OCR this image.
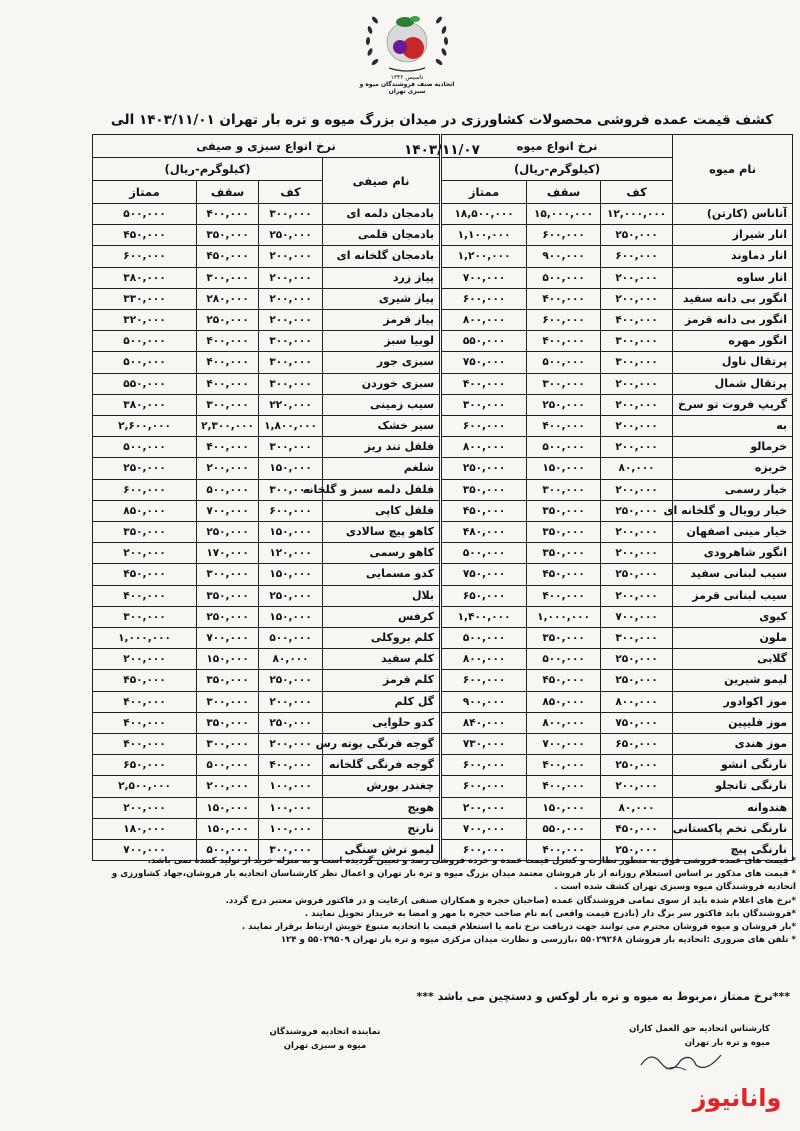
تاسیس ۱۳۴۲
اتحادیه صنف فروشندگان میوه و سبزی تهران
کشف قیمت عمده فروشی محصولات کشاورزی در میدان بزرگ میوه و تره بار تهران ۱۴۰۳/۱۱/۰۱ الی ۱۴۰۳/۱۱/۰۷
نام میوه	نرخ انواع میوه			نرخ انواع سبزی و صیفی			
	(کیلوگرم-ریال)			نام صیفی	(کیلوگرم-ریال)		
	کف	سقف	ممتاز		کف	سقف	ممتاز
آناناس (کارتن)	۱۲,۰۰۰,۰۰۰	۱۵,۰۰۰,۰۰۰	۱۸,۵۰۰,۰۰۰	بادمجان دلمه ای	۳۰۰,۰۰۰	۴۰۰,۰۰۰	۵۰۰,۰۰۰
انار شیراز	۲۵۰,۰۰۰	۶۰۰,۰۰۰	۱,۱۰۰,۰۰۰	بادمجان قلمی	۲۵۰,۰۰۰	۳۵۰,۰۰۰	۴۵۰,۰۰۰
انار دماوند	۶۰۰,۰۰۰	۹۰۰,۰۰۰	۱,۲۰۰,۰۰۰	بادمجان گلخانه ای	۲۰۰,۰۰۰	۴۵۰,۰۰۰	۶۰۰,۰۰۰
انار ساوه	۲۰۰,۰۰۰	۵۰۰,۰۰۰	۷۰۰,۰۰۰	پیاز زرد	۲۰۰,۰۰۰	۳۰۰,۰۰۰	۳۸۰,۰۰۰
انگور بی دانه سفید	۲۰۰,۰۰۰	۴۰۰,۰۰۰	۶۰۰,۰۰۰	پیاز شیری	۲۰۰,۰۰۰	۲۸۰,۰۰۰	۳۳۰,۰۰۰
انگور بی دانه قرمز	۴۰۰,۰۰۰	۶۰۰,۰۰۰	۸۰۰,۰۰۰	پیاز قرمز	۲۰۰,۰۰۰	۲۵۰,۰۰۰	۳۲۰,۰۰۰
انگور مهره	۳۰۰,۰۰۰	۴۰۰,۰۰۰	۵۵۰,۰۰۰	لوبیا سبز	۳۰۰,۰۰۰	۴۰۰,۰۰۰	۵۰۰,۰۰۰
پرتقال ناول	۳۰۰,۰۰۰	۵۰۰,۰۰۰	۷۵۰,۰۰۰	سبزی جور	۳۰۰,۰۰۰	۴۰۰,۰۰۰	۵۰۰,۰۰۰
پرتقال شمال	۲۰۰,۰۰۰	۳۰۰,۰۰۰	۴۰۰,۰۰۰	سبزی خوردن	۳۰۰,۰۰۰	۴۰۰,۰۰۰	۵۵۰,۰۰۰
گریپ فروت تو سرخ	۲۰۰,۰۰۰	۲۵۰,۰۰۰	۳۰۰,۰۰۰	سیب زمینی	۲۲۰,۰۰۰	۳۰۰,۰۰۰	۳۸۰,۰۰۰
به	۲۰۰,۰۰۰	۴۰۰,۰۰۰	۶۰۰,۰۰۰	سیر خشک	۱,۸۰۰,۰۰۰	۲,۳۰۰,۰۰۰	۲,۶۰۰,۰۰۰
خرمالو	۲۰۰,۰۰۰	۵۰۰,۰۰۰	۸۰۰,۰۰۰	فلفل تند ریز	۳۰۰,۰۰۰	۴۰۰,۰۰۰	۵۰۰,۰۰۰
خربزه	۸۰,۰۰۰	۱۵۰,۰۰۰	۲۵۰,۰۰۰	شلغم	۱۵۰,۰۰۰	۲۰۰,۰۰۰	۲۵۰,۰۰۰
خیار رسمی	۲۰۰,۰۰۰	۳۰۰,۰۰۰	۳۵۰,۰۰۰	فلفل دلمه سبز و گلخانه	۳۰۰,۰۰۰	۵۰۰,۰۰۰	۶۰۰,۰۰۰
خیار رویال و گلخانه ای	۲۵۰,۰۰۰	۳۵۰,۰۰۰	۴۵۰,۰۰۰	فلفل کاپی	۶۰۰,۰۰۰	۷۰۰,۰۰۰	۸۵۰,۰۰۰
خیار مینی اصفهان	۲۰۰,۰۰۰	۳۵۰,۰۰۰	۴۸۰,۰۰۰	کاهو پیچ سالادی	۱۵۰,۰۰۰	۲۵۰,۰۰۰	۳۵۰,۰۰۰
انگور شاهرودی	۲۰۰,۰۰۰	۳۵۰,۰۰۰	۵۰۰,۰۰۰	کاهو رسمی	۱۲۰,۰۰۰	۱۷۰,۰۰۰	۲۰۰,۰۰۰
سیب لبنانی سفید	۲۵۰,۰۰۰	۴۵۰,۰۰۰	۷۵۰,۰۰۰	کدو مسمایی	۱۵۰,۰۰۰	۳۰۰,۰۰۰	۴۵۰,۰۰۰
سیب لبنانی قرمز	۲۰۰,۰۰۰	۴۰۰,۰۰۰	۶۵۰,۰۰۰	بلال	۲۵۰,۰۰۰	۳۵۰,۰۰۰	۴۰۰,۰۰۰
کیوی	۷۰۰,۰۰۰	۱,۰۰۰,۰۰۰	۱,۴۰۰,۰۰۰	کرفس	۱۵۰,۰۰۰	۲۵۰,۰۰۰	۳۰۰,۰۰۰
ملون	۳۰۰,۰۰۰	۳۵۰,۰۰۰	۵۰۰,۰۰۰	کلم بروکلی	۵۰۰,۰۰۰	۷۰۰,۰۰۰	۱,۰۰۰,۰۰۰
گلابی	۲۵۰,۰۰۰	۵۰۰,۰۰۰	۸۰۰,۰۰۰	کلم سفید	۸۰,۰۰۰	۱۵۰,۰۰۰	۲۰۰,۰۰۰
لیمو شیرین	۲۵۰,۰۰۰	۴۵۰,۰۰۰	۶۰۰,۰۰۰	کلم قرمز	۲۵۰,۰۰۰	۳۵۰,۰۰۰	۴۵۰,۰۰۰
موز اکوادور	۸۰۰,۰۰۰	۸۵۰,۰۰۰	۹۰۰,۰۰۰	گل کلم	۲۰۰,۰۰۰	۳۰۰,۰۰۰	۴۰۰,۰۰۰
موز فلیپین	۷۵۰,۰۰۰	۸۰۰,۰۰۰	۸۴۰,۰۰۰	کدو حلوایی	۲۵۰,۰۰۰	۳۵۰,۰۰۰	۴۰۰,۰۰۰
موز هندی	۶۵۰,۰۰۰	۷۰۰,۰۰۰	۷۳۰,۰۰۰	گوجه فرنگی بوته رس	۲۰۰,۰۰۰	۳۰۰,۰۰۰	۴۰۰,۰۰۰
نارنگی انشو	۲۵۰,۰۰۰	۴۰۰,۰۰۰	۶۰۰,۰۰۰	گوجه فرنگی گلخانه	۴۰۰,۰۰۰	۵۰۰,۰۰۰	۶۵۰,۰۰۰
نارنگی تانجلو	۲۰۰,۰۰۰	۴۰۰,۰۰۰	۶۰۰,۰۰۰	چغندر بورش	۱۰۰,۰۰۰	۲۰۰,۰۰۰	۲,۵۰۰,۰۰۰
هندوانه	۸۰,۰۰۰	۱۵۰,۰۰۰	۲۰۰,۰۰۰	هویج	۱۰۰,۰۰۰	۱۵۰,۰۰۰	۲۰۰,۰۰۰
نارنگی تخم پاکستانی	۴۵۰,۰۰۰	۵۵۰,۰۰۰	۷۰۰,۰۰۰	نارنج	۱۰۰,۰۰۰	۱۵۰,۰۰۰	۱۸۰,۰۰۰
نارنگی پیچ	۲۵۰,۰۰۰	۴۰۰,۰۰۰	۶۰۰,۰۰۰	لیمو ترش سنگی	۳۰۰,۰۰۰	۵۰۰,۰۰۰	۷۰۰,۰۰۰

* قیمت های عمده فروشی فوق به منظور نظارت و کنترل قیمت عمده و خرده فروشی رصد و تعیین گردیده است و به منزله خرید از تولید کننده نمی باشد.

* قیمت های مذکور بر اساس استعلام روزانه از بار فروشان معتمد میدان بزرگ میوه و تره بار تهران و اعمال نظر کارشناسان اتحادیه بار فروشان،جهاد کشاورزی و

اتحادیه فروشندگان میوه وسبزی تهران کشف شده است .

*نرخ های اعلام شده باید از سوی تمامی فروشندگان عمده (صاحبان حجره و همکاران صنفی )رعایت و در فاکتور فروش معتبر درج گردد.

*فروشندگان باید فاکتور سر برگ دار (بادرج قیمت واقعی )به نام صاحب حجره با مهر و امضا به خریدار تحویل نمایند .

*بار فروشان و میوه فروشان محترم می توانند جهت دریافت نرخ نامه یا استعلام قیمت با اتحادیه متبوع خویش ارتباط برقرار نمایند .

* تلفن های ضروری :اتحادیه بار فروشان ۵۵۰۲۹۲۶۸ ،بازرسی و نظارت میدان مرکزی میوه و تره بار تهران ۵۵۰۲۹۵۰۹ و ۱۲۴

***نرخ ممتاز ،مربوط به میوه و تره بار لوکس و دستچین می باشد ***
نماینده اتحادیه فروشندگان
میوه و سبزی تهران
کارشناس اتحادیه حق العمل کاران
میوه و تره بار تهران
وانانیوز
